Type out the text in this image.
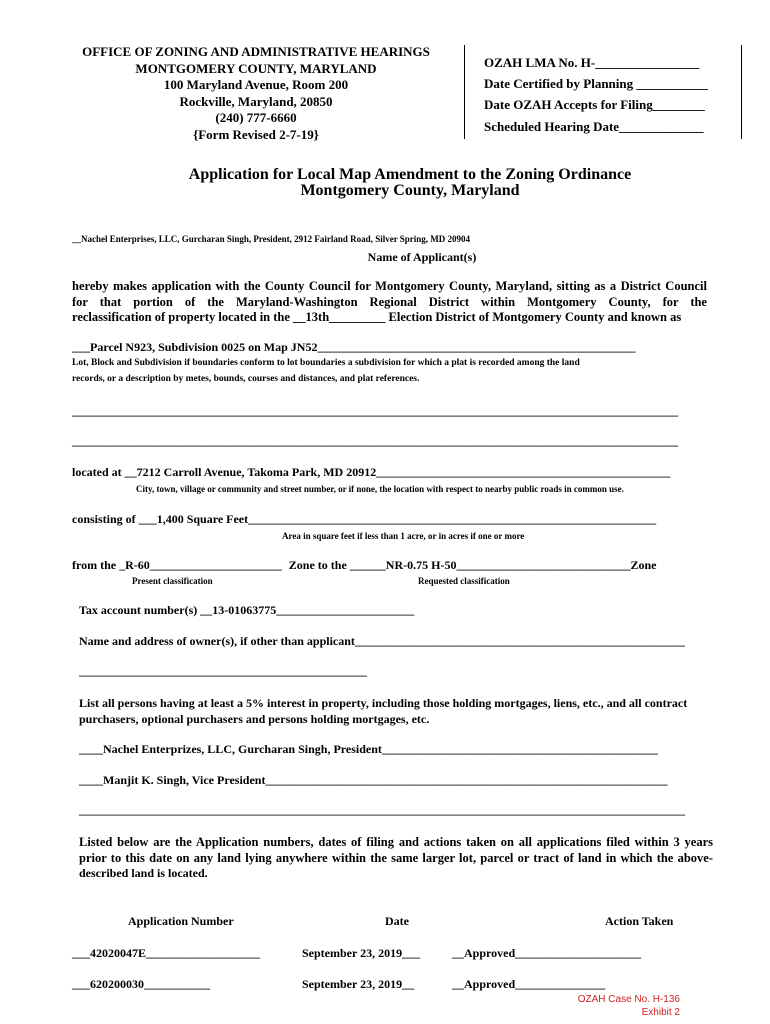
OFFICE OF ZONING AND ADMINISTRATIVE HEARINGS
MONTGOMERY COUNTY, MARYLAND
100 Maryland Avenue, Room 200
Rockville, Maryland, 20850
(240) 777-6660
{Form Revised 2-7-19}
OZAH LMA No. H-________________
Date Certified by Planning ___________
Date OZAH Accepts for Filing________
Scheduled Hearing Date_____________
Application for Local Map Amendment to the Zoning Ordinance
Montgomery County, Maryland
__Nachel Enterprises, LLC, Gurcharan Singh, President, 2912 Fairland Road, Silver Spring, MD 20904
Name of Applicant(s)
hereby makes application with the County Council for Montgomery County, Maryland, sitting as a District Council
for that portion of the Maryland-Washington Regional District within Montgomery County, for the
reclassification of property located in the __13th_________ Election District of Montgomery County and known as
___Parcel N923, Subdivision 0025 on Map JN52_____________________________________________________
Lot, Block and Subdivision if boundaries conform to lot boundaries a subdivision for which a plat is recorded among the land
records, or a description by metes, bounds, courses and distances, and plat references.
_____________________________________________________________________________________________________
_____________________________________________________________________________________________________
located at __7212 Carroll Avenue, Takoma Park, MD 20912_________________________________________________
City, town, village or community and street number, or if none, the location with respect to nearby public roads in common use.
consisting of ___1,400 Square Feet____________________________________________________________________
Area in square feet if less than 1 acre, or in acres if one or more
from the _R-60______________________ Zone to the ______NR-0.75 H-50_____________________________Zone
Present classification	Requested classification
Tax account number(s) __13-01063775_______________________
Name and address of owner(s), if other than applicant_______________________________________________________
________________________________________________
List all persons having at least a 5% interest in property, including those holding mortgages, liens, etc., and all contract
purchasers, optional purchasers and persons holding mortgages, etc.
____Nachel Enterprizes, LLC, Gurcharan Singh, President______________________________________________
____Manjit K. Singh, Vice President___________________________________________________________________
_____________________________________________________________________________________________________
Listed below are the Application numbers, dates of filing and actions taken on all applications filed within 3 years
prior to this date on any land lying anywhere within the same larger lot, parcel or tract of land in which the above-
described land is located.
Application Number	Date	Action Taken
___42020047E___________________	September 23, 2019___	__Approved_____________________
___620200030___________	September 23, 2019__	__Approved_______________
OZAH Case No. H-136
Exhibit 2
